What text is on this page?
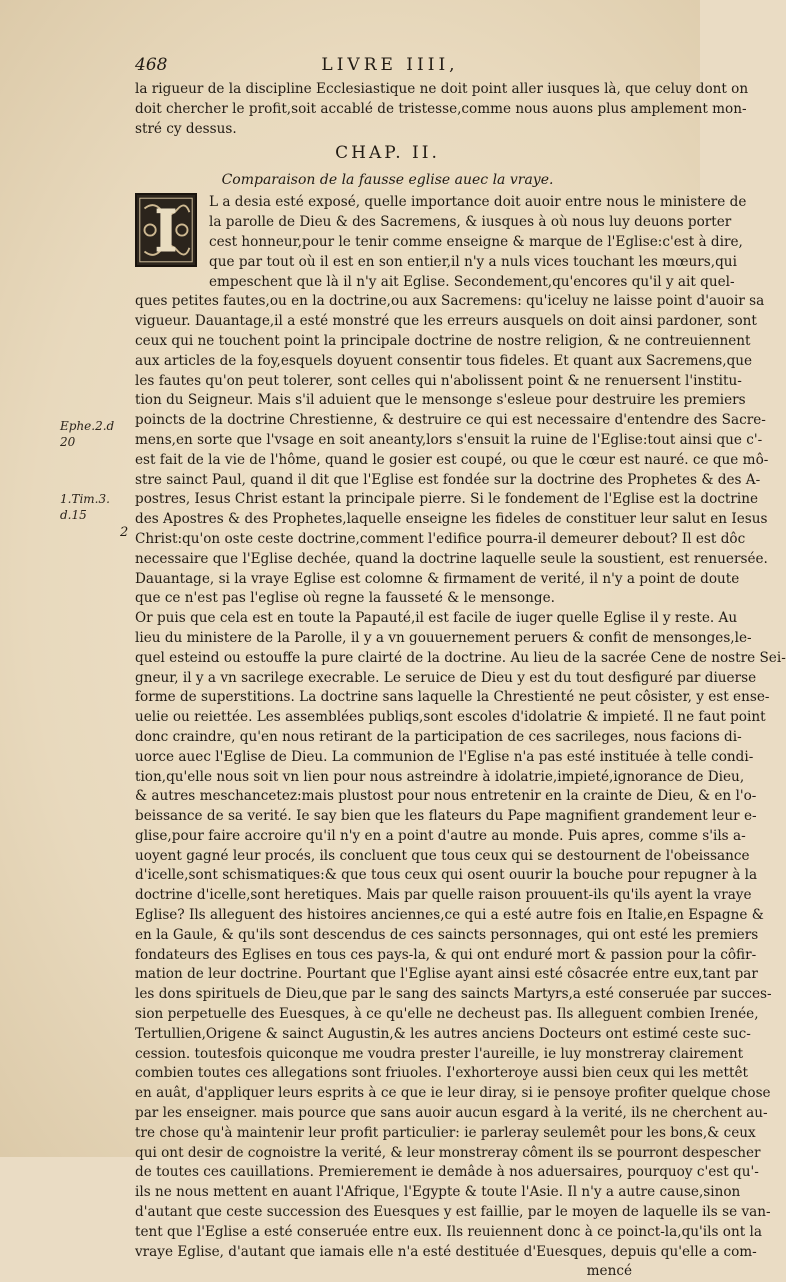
468	LIVRE IIII,
Ephe.2.d
20
1.Tim.3.
d.15
2
la rigueur de la discipline Ecclesiastique ne doit point aller iusques là, que celuy dont on
doit chercher le profit,soit accablé de tristesse,comme nous auons plus amplement mon-
stré cy dessus.
CHAP. II.
Comparaison de la fausse eglise auec la vraye.
L a desia esté exposé, quelle importance doit auoir entre nous le ministere de
la parolle de Dieu & des Sacremens, & iusques à où nous luy deuons porter
cest honneur,pour le tenir comme enseigne & marque de l'Eglise:c'est à dire,
que par tout où il est en son entier,il n'y a nuls vices touchant les mœurs,qui
empeschent que là il n'y ait Eglise. Secondement,qu'encores qu'il y ait quel-
ques petites fautes,ou en la doctrine,ou aux Sacremens: qu'iceluy ne laisse point d'auoir sa
vigueur. Dauantage,il a esté monstré que les erreurs ausquels on doit ainsi pardoner, sont
ceux qui ne touchent point la principale doctrine de nostre religion, & ne contreuiennent
aux articles de la foy,esquels doyuent consentir tous fideles. Et quant aux Sacremens,que
les fautes qu'on peut tolerer, sont celles qui n'abolissent point & ne renuersent l'institu-
tion du Seigneur. Mais s'il aduient que le mensonge s'esleue pour destruire les premiers
poincts de la doctrine Chrestienne, & destruire ce qui est necessaire d'entendre des Sacre-
mens,en sorte que l'vsage en soit aneanty,lors s'ensuit la ruine de l'Eglise:tout ainsi que c'-
est fait de la vie de l'hôme, quand le gosier est coupé, ou que le cœur est nauré. ce que mô-
stre sainct Paul, quand il dit que l'Eglise est fondée sur la doctrine des Prophetes & des A-
postres, Iesus Christ estant la principale pierre. Si le fondement de l'Eglise est la doctrine
des Apostres & des Prophetes,laquelle enseigne les fideles de constituer leur salut en Iesus
Christ:qu'on oste ceste doctrine,comment l'edifice pourra-il demeurer debout? Il est dôc
necessaire que l'Eglise dechée, quand la doctrine laquelle seule la soustient, est renuersée.
Dauantage, si la vraye Eglise est colomne & firmament de verité, il n'y a point de doute
que ce n'est pas l'eglise où regne la fausseté & le mensonge.
Or puis que cela est en toute la Papauté,il est facile de iuger quelle Eglise il y reste. Au
lieu du ministere de la Parolle, il y a vn gouuernement peruers & confit de mensonges,le-
quel esteind ou estouffe la pure clairté de la doctrine. Au lieu de la sacrée Cene de nostre Sei-
gneur, il y a vn sacrilege execrable. Le seruice de Dieu y est du tout desfiguré par diuerse
forme de superstitions. La doctrine sans laquelle la Chrestienté ne peut côsister, y est ense-
uelie ou reiettée. Les assemblées publiqs,sont escoles d'idolatrie & impieté. Il ne faut point
donc craindre, qu'en nous retirant de la participation de ces sacrileges, nous facions di-
uorce auec l'Eglise de Dieu. La communion de l'Eglise n'a pas esté instituée à telle condi-
tion,qu'elle nous soit vn lien pour nous astreindre à idolatrie,impieté,ignorance de Dieu,
& autres meschancetez:mais plustost pour nous entretenir en la crainte de Dieu, & en l'o-
beissance de sa verité. Ie say bien que les flateurs du Pape magnifient grandement leur e-
glise,pour faire accroire qu'il n'y en a point d'autre au monde. Puis apres, comme s'ils a-
uoyent gagné leur procés, ils concluent que tous ceux qui se destournent de l'obeissance
d'icelle,sont schismatiques:& que tous ceux qui osent ouurir la bouche pour repugner à la
doctrine d'icelle,sont heretiques. Mais par quelle raison prouuent-ils qu'ils ayent la vraye
Eglise? Ils alleguent des histoires anciennes,ce qui a esté autre fois en Italie,en Espagne &
en la Gaule, & qu'ils sont descendus de ces saincts personnages, qui ont esté les premiers
fondateurs des Eglises en tous ces pays-la, & qui ont enduré mort & passion pour la côfir-
mation de leur doctrine. Pourtant que l'Eglise ayant ainsi esté côsacrée entre eux,tant par
les dons spirituels de Dieu,que par le sang des saincts Martyrs,a esté conseruée par succes-
sion perpetuelle des Euesques, à ce qu'elle ne decheust pas. Ils alleguent combien Irenée,
Tertullien,Origene & sainct Augustin,& les autres anciens Docteurs ont estimé ceste suc-
cession. toutesfois quiconque me voudra prester l'aureille, ie luy monstreray clairement
combien toutes ces allegations sont friuoles. I'exhorteroye aussi bien ceux qui les mettêt
en auât, d'appliquer leurs esprits à ce que ie leur diray, si ie pensoye profiter quelque chose
par les enseigner. mais pource que sans auoir aucun esgard à la verité, ils ne cherchent au-
tre chose qu'à maintenir leur profit particulier: ie parleray seulemêt pour les bons,& ceux
qui ont desir de cognoistre la verité, & leur monstreray côment ils se pourront despescher
de toutes ces cauillations. Premierement ie demâde à nos aduersaires, pourquoy c'est qu'-
ils ne nous mettent en auant l'Afrique, l'Egypte & toute l'Asie. Il n'y a autre cause,sinon
d'autant que ceste succession des Euesques y est faillie, par le moyen de laquelle ils se van-
tent que l'Eglise a esté conseruée entre eux. Ils reuiennent donc à ce poinct-la,qu'ils ont la
vraye Eglise, d'autant que iamais elle n'a esté destituée d'Euesques, depuis qu'elle a com-
mencé
